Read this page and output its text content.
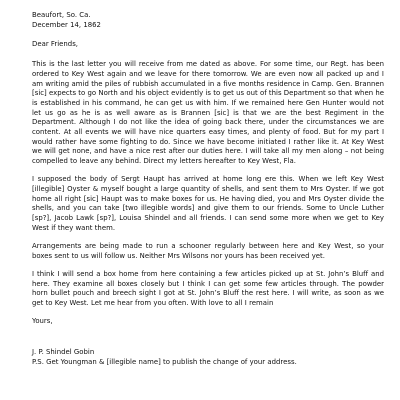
Beaufort, So. Ca.
December 14, 1862
Dear Friends,

This is the last letter you will receive from me dated as above. For some time, our Regt. has been ordered to Key West again and we leave for there tomorrow. We are even now all packed up and I am writing amid the piles of rubbish accumulated in a five months residence in Camp. Gen. Brannen [sic] expects to go North and his object evidently is to get us out of this Department so that when he is established in his command, he can get us with him. If we remained here Gen Hunter would not let us go as he is as well aware as is Brannen [sic] is that we are the best Regiment in the Department. Although I do not like the idea of going back there, under the circumstances we are content. At all events we will have nice quarters easy times, and plenty of food. But for my part I would rather have some fighting to do. Since we have become initiated I rather like it. At Key West we will get none, and have a nice rest after our duties here. I will take all my men along – not being compelled to leave any behind. Direct my letters hereafter to Key West, Fla.

I supposed the body of Sergt Haupt has arrived at home long ere this. When we left Key West [illegible] Oyster & myself bought a large quantity of shells, and sent them to Mrs Oyster. If we got home all right [sic] Haupt was to make boxes for us. He having died, you and Mrs Oyster divide the shells, and you can take [two illegible words] and give them to our friends. Some to Uncle Luther [sp?], Jacob Lawk [sp?], Louisa Shindel and all friends. I can send some more when we get to Key West if they want them.

Arrangements are being made to run a schooner regularly between here and Key West, so your boxes sent to us will follow us. Neither Mrs Wilsons nor yours has been received yet.

I think I will send a box home from here containing a few articles picked up at St. John’s Bluff and here. They examine all boxes closely but I think I can get some few articles through. The powder horn bullet pouch and breech sight I got at St. John’s Bluff the rest here. I will write, as soon as we get to Key West. Let me hear from you often. With love to all I remain

Yours,
J. P. Shindel Gobin
P.S. Get Youngman & [illegible name] to publish the change of your address.
